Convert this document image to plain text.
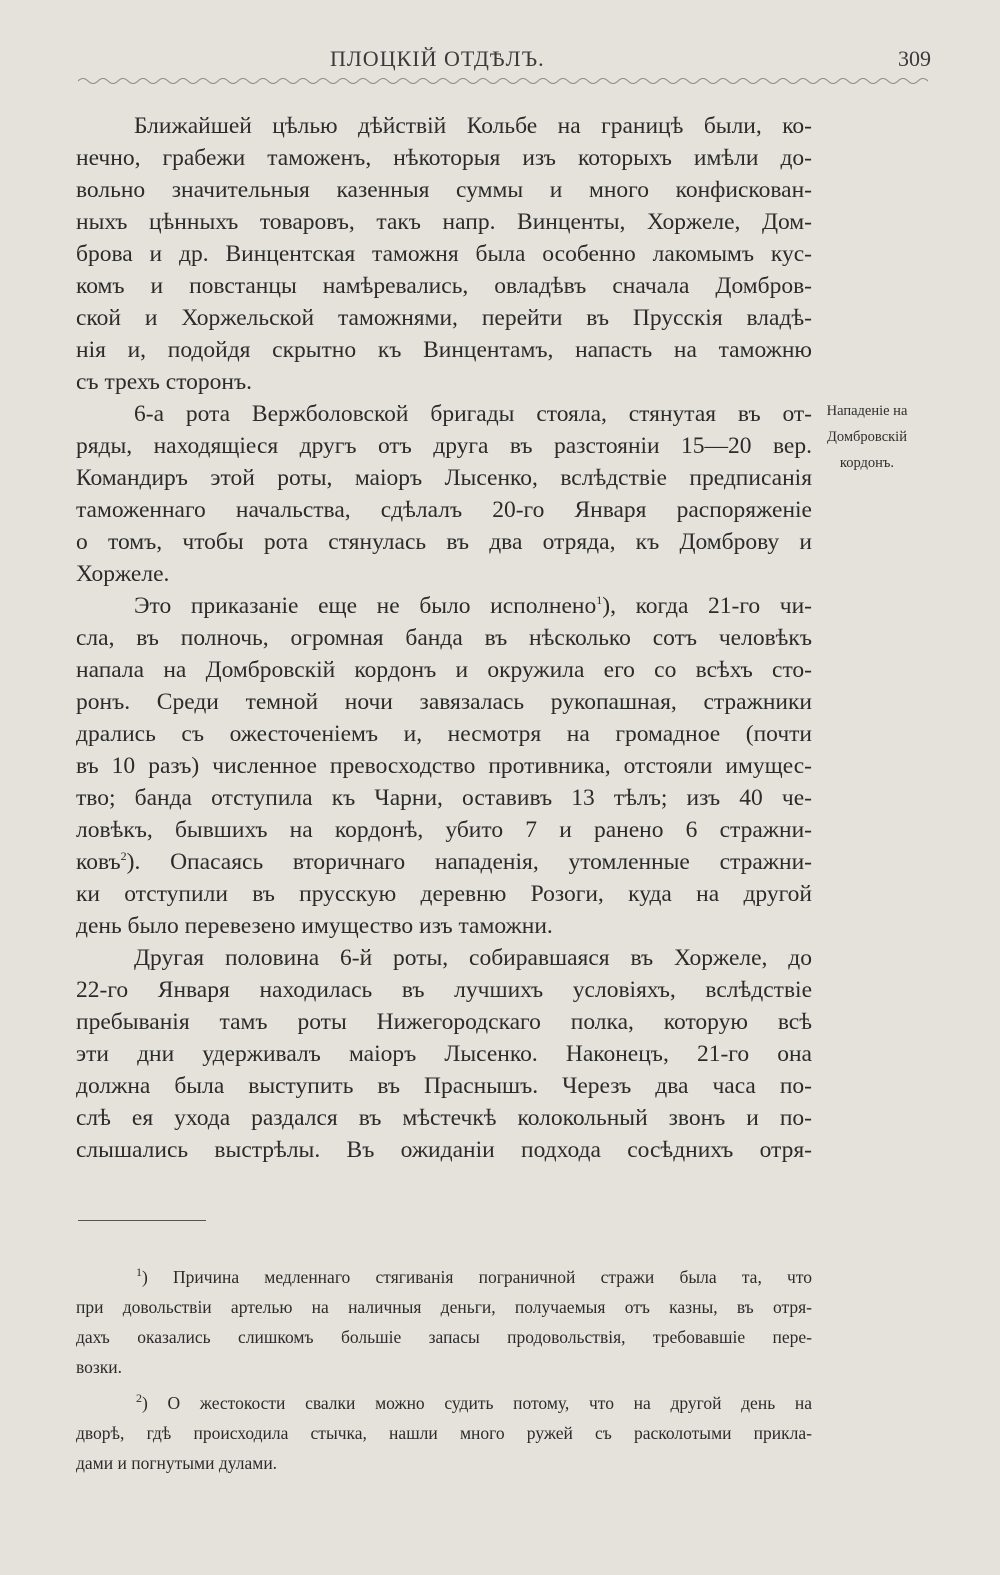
ПЛОЦКІЙ ОТДѢЛЪ.	309
Ближайшей цѣлью дѣйствій Кольбе на границѣ были, ко-
нечно, грабежи таможенъ, нѣкоторыя изъ которыхъ имѣли до-
вольно значительныя казенныя суммы и много конфискован-
ныхъ цѣнныхъ товаровъ, такъ напр. Винценты, Хоржеле, Дом-
брова и др. Винцентская таможня была особенно лакомымъ кус-
комъ и повстанцы намѣревались, овладѣвъ сначала Домбров-
ской и Хоржельской таможнями, перейти въ Прусскія владѣ-
нія и, подойдя скрытно къ Винцентамъ, напасть на таможню
съ трехъ сторонъ.
6-а рота Вержболовской бригады стояла, стянутая въ от-
ряды, находящіеся другъ отъ друга въ разстояніи 15—20 вер.
Командиръ этой роты, маіоръ Лысенко, вслѣдствіе предписанія
таможеннаго начальства, сдѣлалъ 20-го Января распоряженіе
о томъ, чтобы рота стянулась въ два отряда, къ Домброву и
Хоржеле.
Это приказаніе еще не было исполнено$^1$), когда 21-го чи-
сла, въ полночь, огромная банда въ нѣсколько сотъ человѣкъ
напала на Домбровскій кордонъ и окружила его со всѣхъ сто-
ронъ. Среди темной ночи завязалась рукопашная, стражники
дрались съ ожесточеніемъ и, несмотря на громадное (почти
въ 10 разъ) численное превосходство противника, отстояли имущес-
тво; банда отступила къ Чарни, оставивъ 13 тѣлъ; изъ 40 че-
ловѣкъ, бывшихъ на кордонѣ, убито 7 и ранено 6 стражни-
ковъ$^2$). Опасаясь вторичнаго нападенія, утомленные стражни-
ки отступили въ прусскую деревню Розоги, куда на другой
день было перевезено имущество изъ таможни.
Другая половина 6-й роты, собиравшаяся въ Хоржеле, до
22-го Января находилась въ лучшихъ условіяхъ, вслѣдствіе
пребыванія тамъ роты Нижегородскаго полка, которую всѣ
эти дни удерживалъ маіоръ Лысенко. Наконецъ, 21-го она
должна была выступить въ Праснышъ. Черезъ два часа по-
слѣ ея ухода раздался въ мѣстечкѣ колокольный звонъ и по-
слышались выстрѣлы. Въ ожиданіи подхода сосѣднихъ отря-
Нападеніе на
Домбровскій
кордонъ.
$^1$) Причина медленнаго стягиванія пограничной стражи была та, что
при довольствіи артелью на наличныя деньги, получаемыя отъ казны, въ отря-
дахъ оказались слишкомъ большіе запасы продовольствія, требовавшіе пере-
возки.
$^2$) О жестокости свалки можно судить потому, что на другой день на
дворѣ, гдѣ происходила стычка, нашли много ружей съ расколотыми прикла-
дами и погнутыми дулами.
